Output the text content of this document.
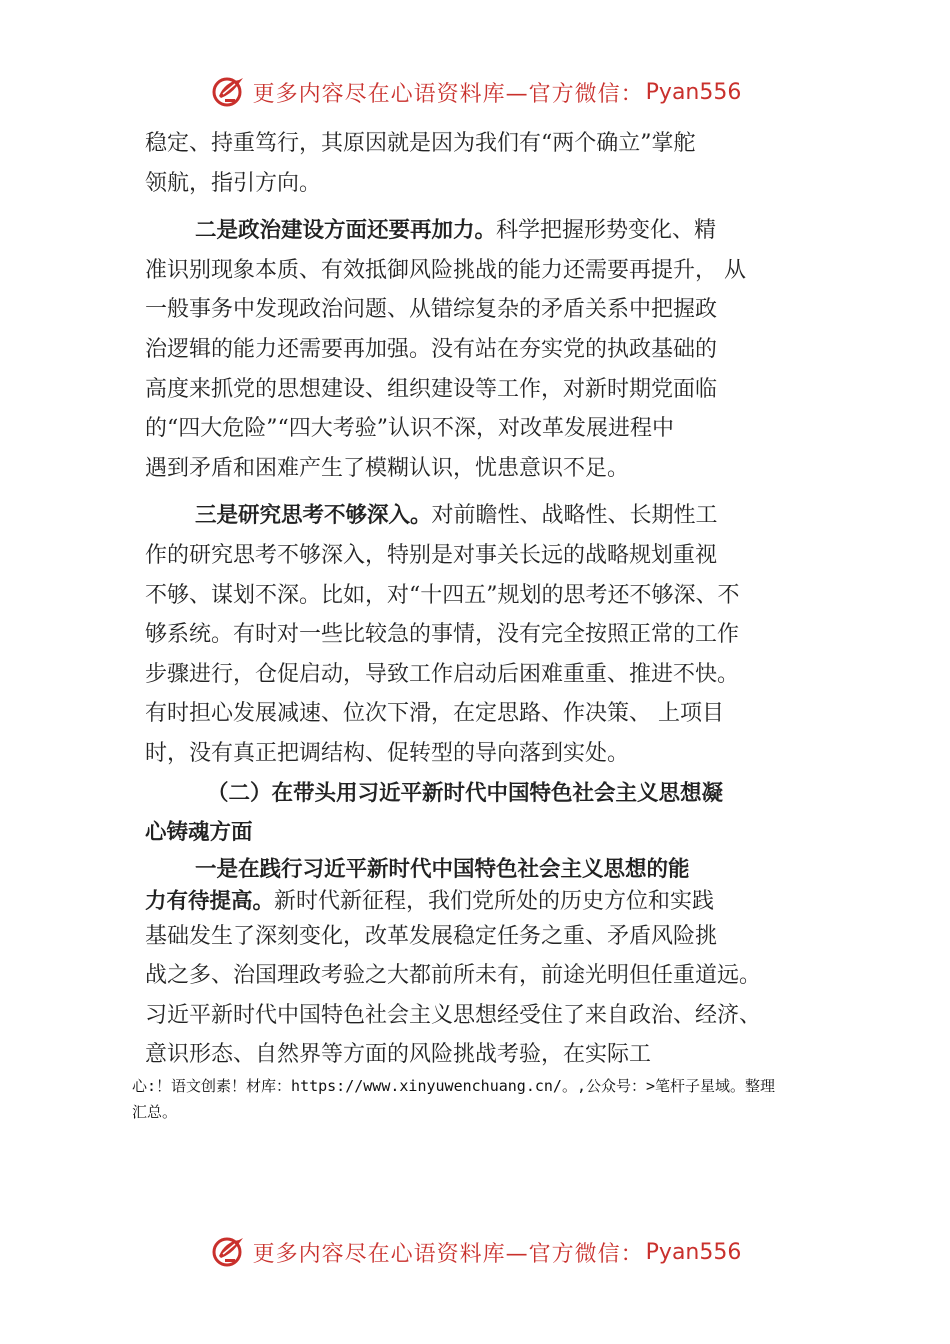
更多内容尽在心语资料库—官方微信： Pyan556
稳定、持重笃行，其原因就是因为我们有“两个确立”掌舵
领航，指引方向。
二是政治建设方面还要再加力。科学把握形势变化、精
准识别现象本质、有效抵御风险挑战的能力还需要再提升， 从
一般事务中发现政治问题、从错综复杂的矛盾关系中把握政
治逻辑的能力还需要再加强。没有站在夯实党的执政基础的
高度来抓党的思想建设、组织建设等工作，对新时期党面临
的“四大危险”“四大考验”认识不深，对改革发展进程中
遇到矛盾和困难产生了模糊认识，忧患意识不足。
三是研究思考不够深入。对前瞻性、战略性、长期性工
作的研究思考不够深入，特别是对事关长远的战略规划重视
不够、谋划不深。比如，对“十四五”规划的思考还不够深、不
够系统。有时对一些比较急的事情，没有完全按照正常的工作
步骤进行，仓促启动，导致工作启动后困难重重、推进不快。
有时担心发展减速、位次下滑，在定思路、作决策、 上项目
时，没有真正把调结构、促转型的导向落到实处。
（二）在带头用习近平新时代中国特色社会主义思想凝
心铸魂方面
一是在践行习近平新时代中国特色社会主义思想的能
力有待提高。新时代新征程，我们党所处的历史方位和实践
基础发生了深刻变化，改革发展稳定任务之重、矛盾风险挑
战之多、治国理政考验之大都前所未有，前途光明但任重道远。
习近平新时代中国特色社会主义思想经受住了来自政治、经济、
意识形态、自然界等方面的风险挑战考验，在实际工
心:！语文创素！材库：https://www.xinyuwenchuang.cn/。,公众号：>笔杆子星域。整理
汇总。
更多内容尽在心语资料库—官方微信： Pyan556
